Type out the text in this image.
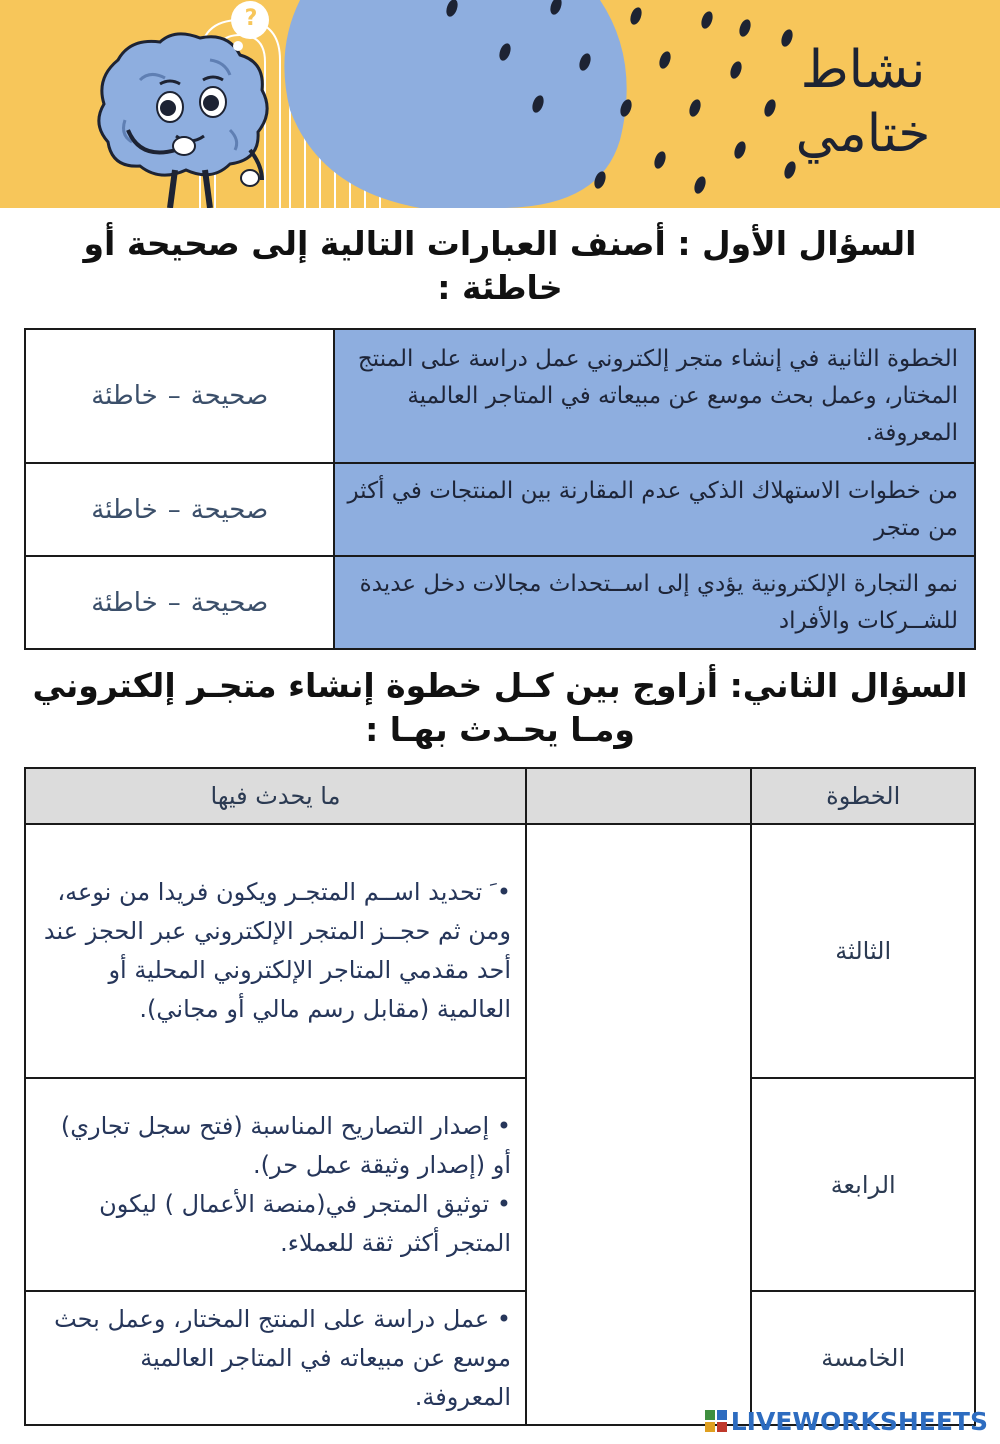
?
نشاط
ختامي
السؤال الأول : أصنف العبارات التالية إلى صحيحة أو خاطئة :
الخطوة الثانية في إنشاء متجر إلكتروني عمل دراسة على المنتج المختار، وعمل بحث موسع عن مبيعاته في المتاجر العالمية المعروفة.	صحيحة–خاطئة
من خطوات الاستهلاك الذكي عدم المقارنة بين المنتجات في أكثر من متجر	صحيحة–خاطئة
نمو التجارة الإلكترونية يؤدي إلى اســتحداث مجالات دخل عديدة للشــركات والأفراد	صحيحة–خاطئة
السؤال الثاني: أزاوج بين كـل خطوة إنشاء متجـر إلكتروني ومـا يحـدث بهـا :
الخطوة		ما يحدث فيها
الثالثة		• َ تحديد اســم المتجـر ويكون فريدا من نوعه، ومن ثم حجــز المتجر الإلكتروني عبر الحجز عند أحد مقدمي المتاجر الإلكتروني المحلية أو العالمية (مقابل رسم مالي أو مجاني).

الرابعة		• إصدار التصاريح المناسبة (فتح سجل تجاري) أو (إصدار وثيقة عمل حر).

• توثيق المتجر في(منصة الأعمال ) ليكون المتجر أكثر ثقة للعملاء.

الخامسة		• عمل دراسة على المنتج المختار، وعمل بحث موسع عن مبيعاته في المتاجر العالمية المعروفة.

LIVEWORKSHEETS
